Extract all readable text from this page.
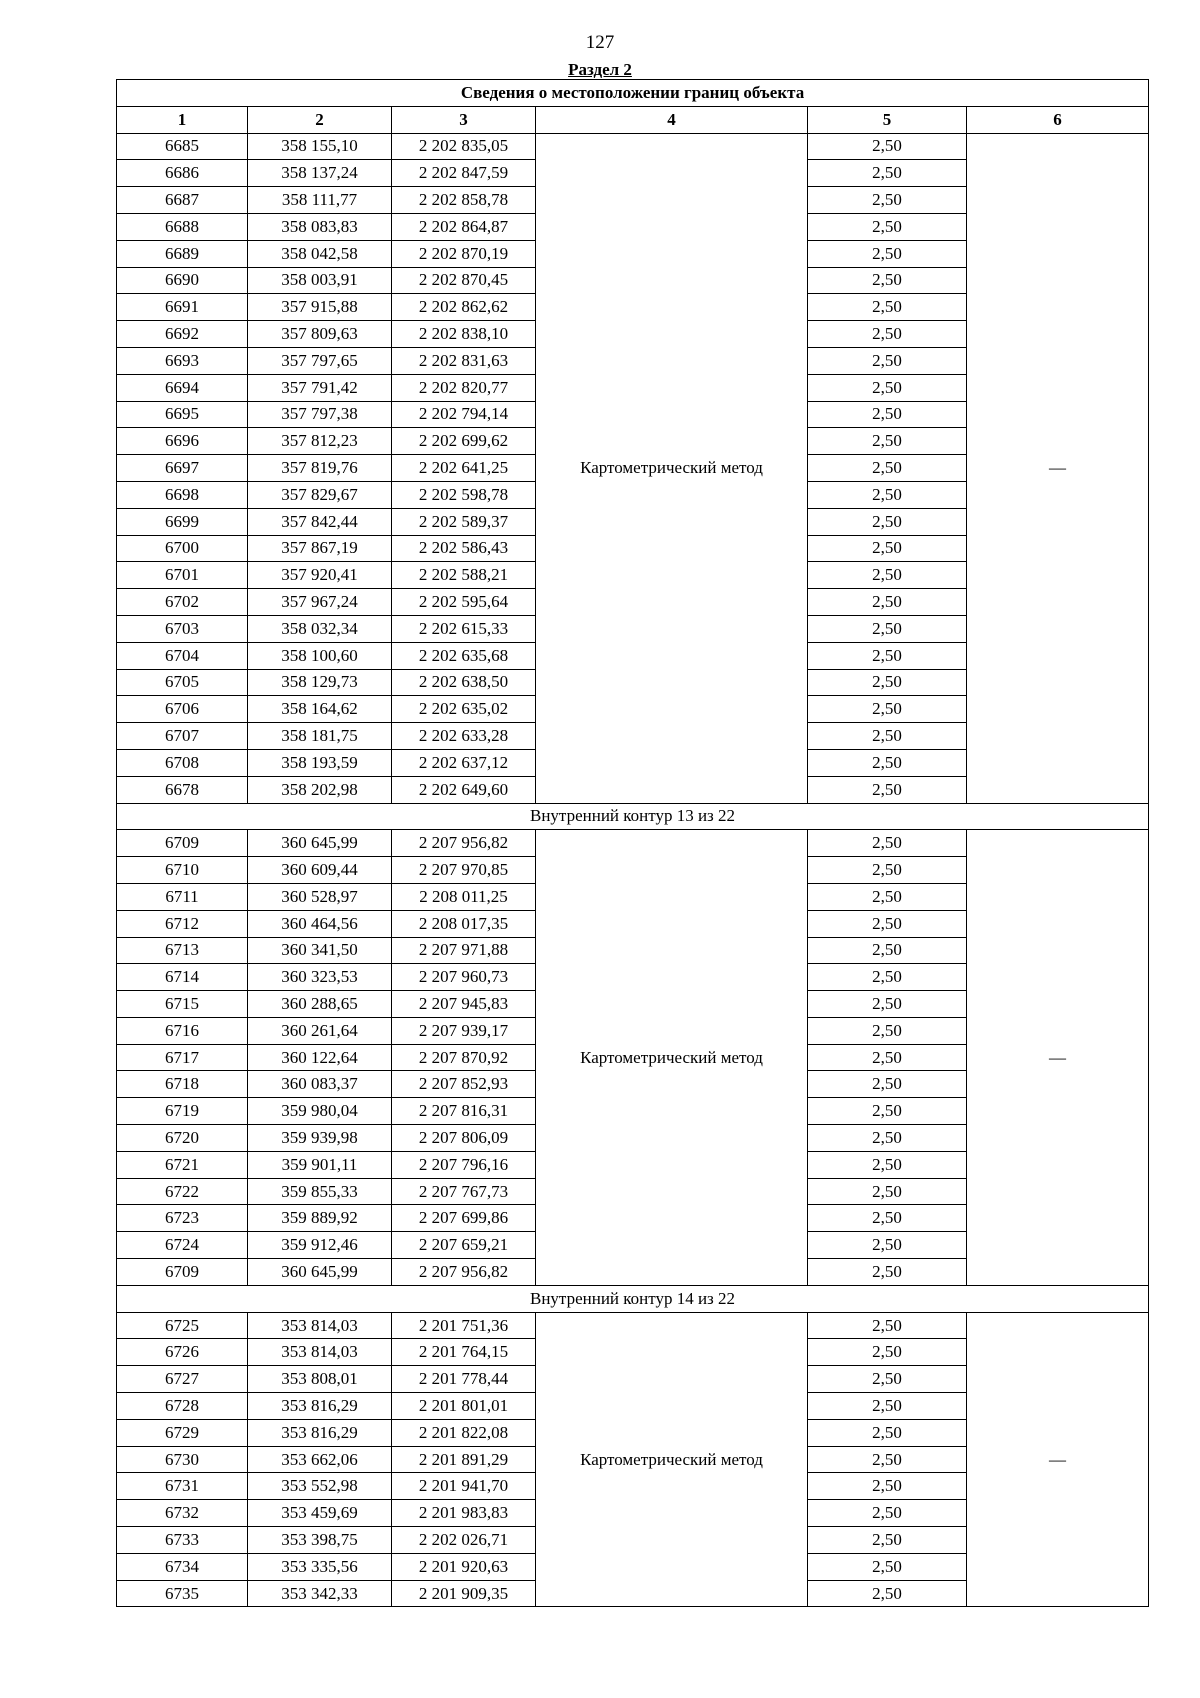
127
Раздел 2
Сведения о местоположении границ объекта					
1	2	3	4	5	6
6685	358 155,10	2 202 835,05	Картометрический метод	2,50	—
6686	358 137,24	2 202 847,59		2,50	
6687	358 111,77	2 202 858,78		2,50	
6688	358 083,83	2 202 864,87		2,50	
6689	358 042,58	2 202 870,19		2,50	
6690	358 003,91	2 202 870,45		2,50	
6691	357 915,88	2 202 862,62		2,50	
6692	357 809,63	2 202 838,10		2,50	
6693	357 797,65	2 202 831,63		2,50	
6694	357 791,42	2 202 820,77		2,50	
6695	357 797,38	2 202 794,14		2,50	
6696	357 812,23	2 202 699,62		2,50	
6697	357 819,76	2 202 641,25		2,50	
6698	357 829,67	2 202 598,78		2,50	
6699	357 842,44	2 202 589,37		2,50	
6700	357 867,19	2 202 586,43		2,50	
6701	357 920,41	2 202 588,21		2,50	
6702	357 967,24	2 202 595,64		2,50	
6703	358 032,34	2 202 615,33		2,50	
6704	358 100,60	2 202 635,68		2,50	
6705	358 129,73	2 202 638,50		2,50	
6706	358 164,62	2 202 635,02		2,50	
6707	358 181,75	2 202 633,28		2,50	
6708	358 193,59	2 202 637,12		2,50	
6678	358 202,98	2 202 649,60		2,50	
Внутренний контур 13 из 22					
6709	360 645,99	2 207 956,82	Картометрический метод	2,50	—
6710	360 609,44	2 207 970,85		2,50	
6711	360 528,97	2 208 011,25		2,50	
6712	360 464,56	2 208 017,35		2,50	
6713	360 341,50	2 207 971,88		2,50	
6714	360 323,53	2 207 960,73		2,50	
6715	360 288,65	2 207 945,83		2,50	
6716	360 261,64	2 207 939,17		2,50	
6717	360 122,64	2 207 870,92		2,50	
6718	360 083,37	2 207 852,93		2,50	
6719	359 980,04	2 207 816,31		2,50	
6720	359 939,98	2 207 806,09		2,50	
6721	359 901,11	2 207 796,16		2,50	
6722	359 855,33	2 207 767,73		2,50	
6723	359 889,92	2 207 699,86		2,50	
6724	359 912,46	2 207 659,21		2,50	
6709	360 645,99	2 207 956,82		2,50	
Внутренний контур 14 из 22					
6725	353 814,03	2 201 751,36	Картометрический метод	2,50	—
6726	353 814,03	2 201 764,15		2,50	
6727	353 808,01	2 201 778,44		2,50	
6728	353 816,29	2 201 801,01		2,50	
6729	353 816,29	2 201 822,08		2,50	
6730	353 662,06	2 201 891,29		2,50	
6731	353 552,98	2 201 941,70		2,50	
6732	353 459,69	2 201 983,83		2,50	
6733	353 398,75	2 202 026,71		2,50	
6734	353 335,56	2 201 920,63		2,50	
6735	353 342,33	2 201 909,35		2,50	
